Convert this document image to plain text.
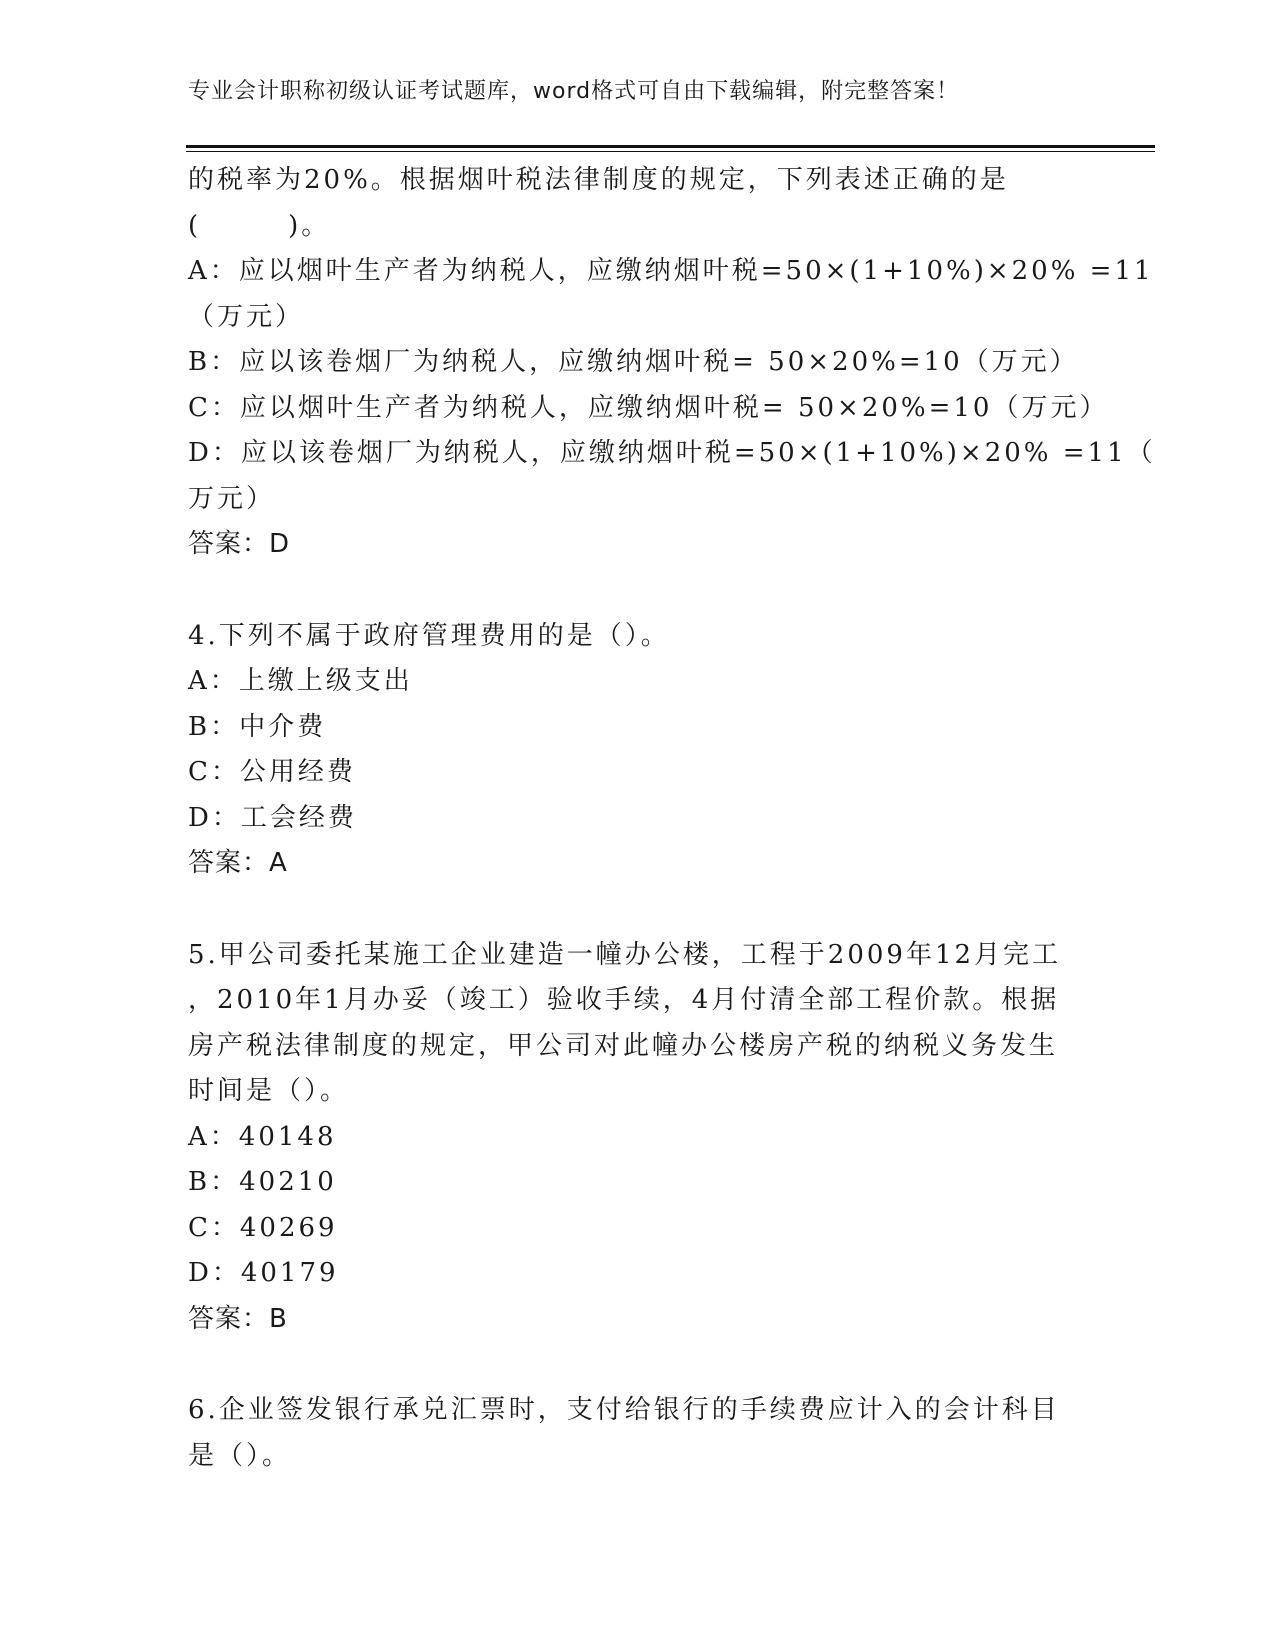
专业会计职称初级认证考试题库，word格式可自由下载编辑，附完整答案！
的税率为20%。根据烟叶税法律制度的规定，下列表述正确的是
(　　　)。
A：应以烟叶生产者为纳税人，应缴纳烟叶税=50×(1+10%)×20% =11
（万元）
B：应以该卷烟厂为纳税人，应缴纳烟叶税= 50×20%=10（万元）
C：应以烟叶生产者为纳税人，应缴纳烟叶税= 50×20%=10（万元）
D：应以该卷烟厂为纳税人，应缴纳烟叶税=50×(1+10%)×20% =11（
万元）
答案：D
4.下列不属于政府管理费用的是（）。
A：上缴上级支出
B：中介费
C：公用经费
D：工会经费
答案：A
5.甲公司委托某施工企业建造一幢办公楼，工程于2009年12月完工
，2010年1月办妥（竣工）验收手续，4月付清全部工程价款。根据
房产税法律制度的规定，甲公司对此幢办公楼房产税的纳税义务发生
时间是（）。
A：40148
B：40210
C：40269
D：40179
答案：B
6.企业签发银行承兑汇票时，支付给银行的手续费应计入的会计科目
是（）。
